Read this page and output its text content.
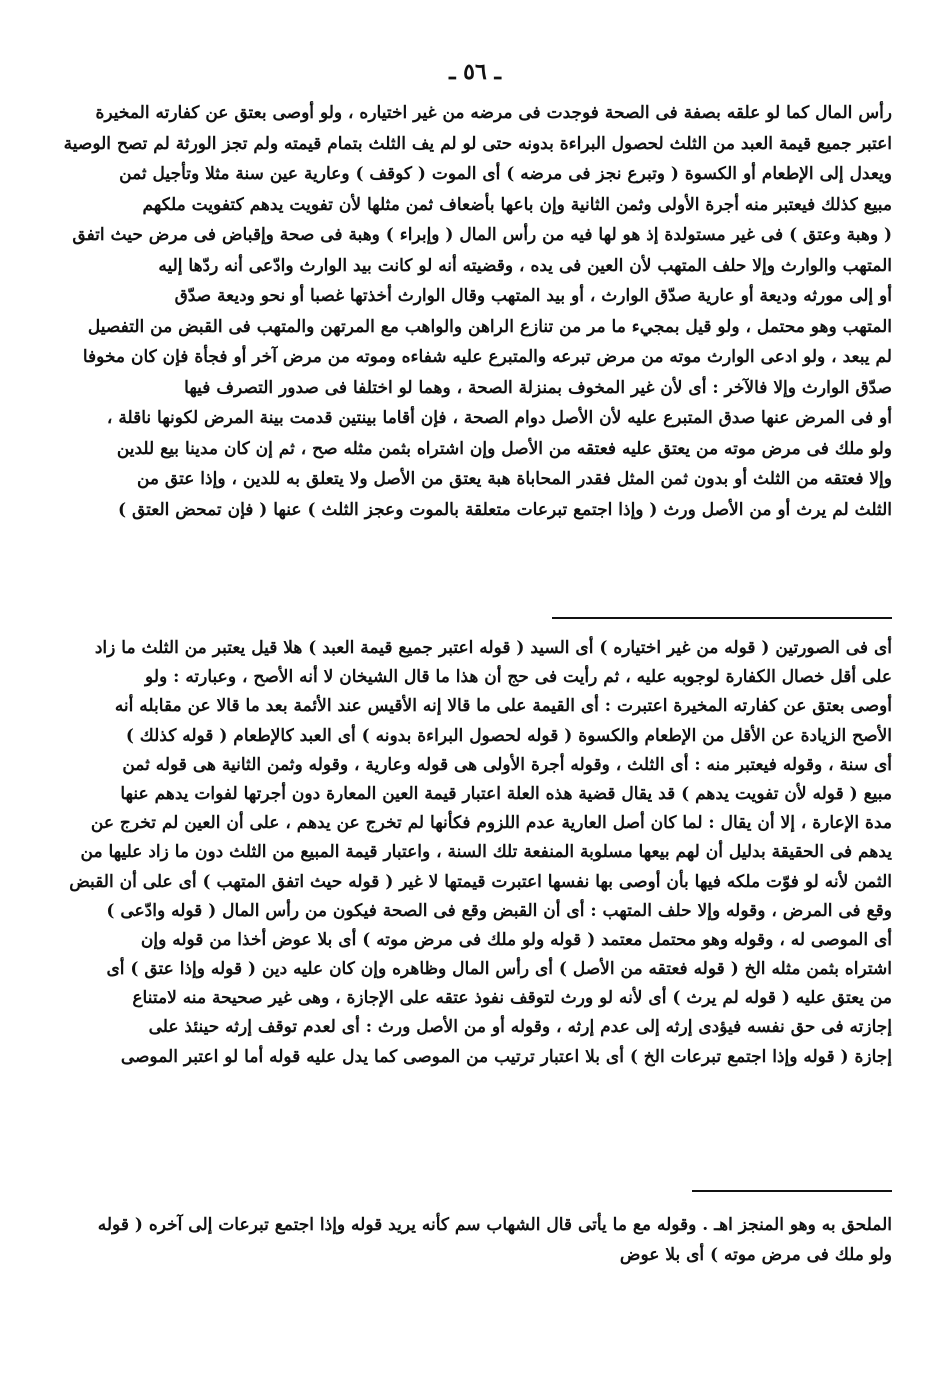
ـ ٥٦ ـ
رأس المال كما لو علقه بصفة فى الصحة فوجدت فى مرضه من غير اختياره ، ولو أوصى بعتق عن كفارته المخيرة
اعتبر جميع قيمة العبد من الثلث لحصول البراءة بدونه حتى لو لم يف الثلث بتمام قيمته ولم تجز الورثة لم تصح الوصية
ويعدل إلى الإطعام أو الكسوة ( وتبرع نجز فى مرضه ) أى الموت ( كوقف ) وعارية عين سنة مثلا وتأجيل ثمن
مبيع كذلك فيعتبر منه أجرة الأولى وثمن الثانية وإن باعها بأضعاف ثمن مثلها لأن تفويت يدهم كتفويت ملكهم
( وهبة وعتق ) فى غير مستولدة إذ هو لها فيه من رأس المال ( وإبراء ) وهبة فى صحة وإقباض فى مرض حيث اتفق
المتهب والوارث وإلا حلف المتهب لأن العين فى يده ، وقضيته أنه لو كانت بيد الوارث وادّعى أنه ردّها إليه
أو إلى مورثه وديعة أو عارية صدّق الوارث ، أو بيد المتهب وقال الوارث أخذتها غصبا أو نحو وديعة صدّق
المتهب وهو محتمل ، ولو قيل بمجيء ما مر من تنازع الراهن والواهب مع المرتهن والمتهب فى القبض من التفصيل
لم يبعد ، ولو ادعى الوارث موته من مرض تبرعه والمتبرع عليه شفاءه وموته من مرض آخر أو فجأة فإن كان مخوفا
صدّق الوارث وإلا فالآخر : أى لأن غير المخوف بمنزلة الصحة ، وهما لو اختلفا فى صدور التصرف فيها
أو فى المرض عنها صدق المتبرع عليه لأن الأصل دوام الصحة ، فإن أقاما بينتين قدمت بينة المرض لكونها ناقلة ،
ولو ملك فى مرض موته من يعتق عليه فعتقه من الأصل وإن اشتراه بثمن مثله صح ، ثم إن كان مدينا بيع للدين
وإلا فعتقه من الثلث أو بدون ثمن المثل فقدر المحاباة هبة يعتق من الأصل ولا يتعلق به للدين ، وإذا عتق من
الثلث لم يرث أو من الأصل ورث ( وإذا اجتمع تبرعات متعلقة بالموت وعجز الثلث ) عنها ( فإن تمحض العتق )
أى فى الصورتين ( قوله من غير اختياره ) أى السيد ( قوله اعتبر جميع قيمة العبد ) هلا قيل يعتبر من الثلث ما زاد
على أقل خصال الكفارة لوجوبه عليه ، ثم رأيت فى حج أن هذا ما قال الشيخان لا أنه الأصح ، وعبارته : ولو
أوصى بعتق عن كفارته المخيرة اعتبرت : أى القيمة على ما قالا إنه الأقيس عند الأئمة بعد ما قالا عن مقابله أنه
الأصح الزيادة عن الأقل من الإطعام والكسوة ( قوله لحصول البراءة بدونه ) أى العبد كالإطعام ( قوله كذلك )
أى سنة ، وقوله فيعتبر منه : أى الثلث ، وقوله أجرة الأولى هى قوله وعارية ، وقوله وثمن الثانية هى قوله ثمن
مبيع ( قوله لأن تفويت يدهم ) قد يقال قضية هذه العلة اعتبار قيمة العين المعارة دون أجرتها لفوات يدهم عنها
مدة الإعارة ، إلا أن يقال : لما كان أصل العارية عدم اللزوم فكأنها لم تخرج عن يدهم ، على أن العين لم تخرج عن
يدهم فى الحقيقة بدليل أن لهم بيعها مسلوبة المنفعة تلك السنة ، واعتبار قيمة المبيع من الثلث دون ما زاد عليها من
الثمن لأنه لو فوّت ملكه فيها بأن أوصى بها نفسها اعتبرت قيمتها لا غير ( قوله حيث اتفق المتهب ) أى على أن القبض
وقع فى المرض ، وقوله وإلا حلف المتهب : أى أن القبض وقع فى الصحة فيكون من رأس المال ( قوله وادّعى )
أى الموصى له ، وقوله وهو محتمل معتمد ( قوله ولو ملك فى مرض موته ) أى بلا عوض أخذا من قوله وإن
اشتراه بثمن مثله الخ ( قوله فعتقه من الأصل ) أى رأس المال وظاهره وإن كان عليه دين ( قوله وإذا عتق ) أى
من يعتق عليه ( قوله لم يرث ) أى لأنه لو ورث لتوقف نفوذ عتقه على الإجازة ، وهى غير صحيحة منه لامتناع
إجازته فى حق نفسه فيؤدى إرثه إلى عدم إرثه ، وقوله أو من الأصل ورث : أى لعدم توقف إرثه حينئذ على
إجازة ( قوله وإذا اجتمع تبرعات الخ ) أى بلا اعتبار ترتيب من الموصى كما يدل عليه قوله أما لو اعتبر الموصى
الملحق به وهو المنجز اهـ . وقوله مع ما يأتى قال الشهاب سم كأنه يريد قوله وإذا اجتمع تبرعات إلى آخره ( قوله
ولو ملك فى مرض موته ) أى بلا عوض
